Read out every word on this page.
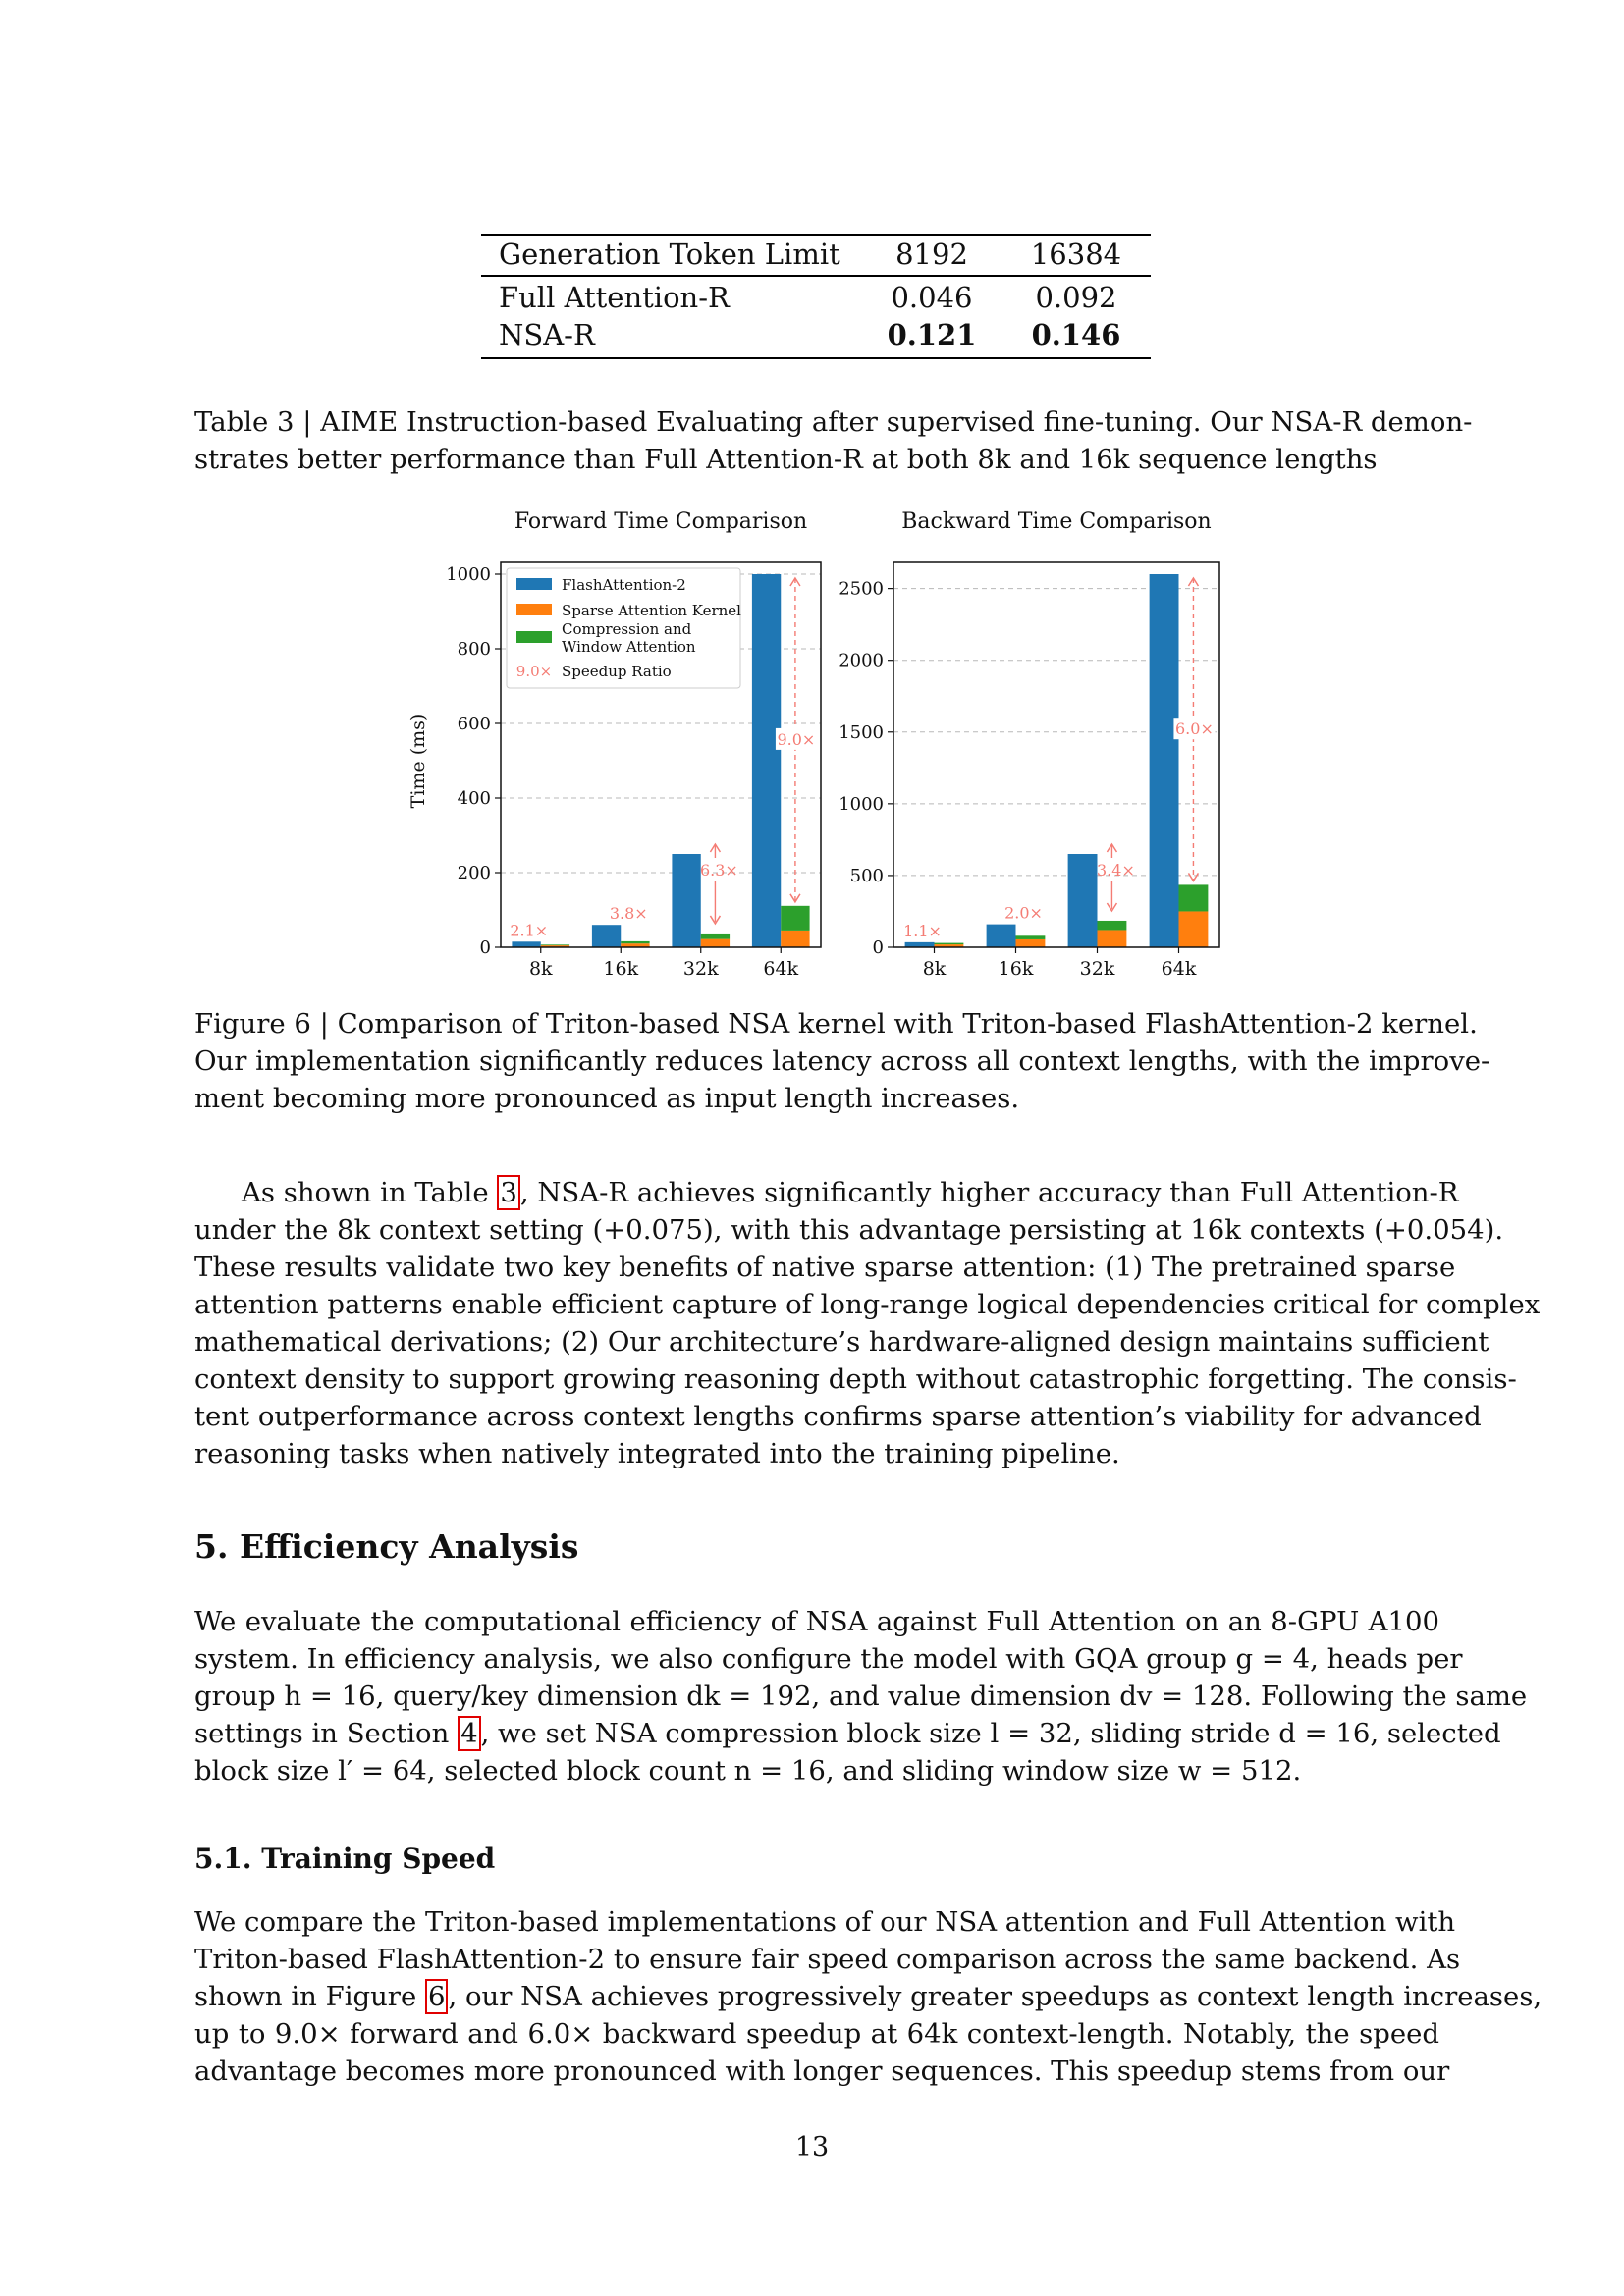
Generation Token Limit	8192	16384
Full Attention-R	0.046	0.092
NSA-R	0.121	0.146
Table 3 | AIME Instruction-based Evaluating after supervised fine-tuning. Our NSA-R demon-
strates better performance than Full Attention-R at both 8k and 16k sequence lengths
Forward Time Comparison
Time (ms)
0
200
400
600
800
1000
8k
2.1×
16k
3.8×
32k
6.3×
64k
9.0×
FlashAttention-2
Sparse Attention Kernel
Compression and
Window Attention
9.0× Speedup Ratio
Backward Time Comparison
0
500
1000
1500
2000
2500
8k
1.1×
16k
2.0×
32k
3.4×
64k
6.0×
Figure 6 | Comparison of Triton-based NSA kernel with Triton-based FlashAttention-2 kernel.
Our implementation significantly reduces latency across all context lengths, with the improve-
ment becoming more pronounced as input length increases.
As shown in Table 3 , NSA-R achieves significantly higher accuracy than Full Attention-R
under the 8k context setting (+0.075), with this advantage persisting at 16k contexts (+0.054).
These results validate two key benefits of native sparse attention: (1) The pretrained sparse
attention patterns enable efficient capture of long-range logical dependencies critical for complex
mathematical derivations; (2) Our architecture’s hardware-aligned design maintains sufficient
context density to support growing reasoning depth without catastrophic forgetting. The consis-
tent outperformance across context lengths confirms sparse attention’s viability for advanced
reasoning tasks when natively integrated into the training pipeline.
5. Efficiency Analysis
We evaluate the computational efficiency of NSA against Full Attention on an 8-GPU A100
system. In efficiency analysis, we also configure the model with GQA group g = 4, heads per
group h = 16, query/key dimension dk = 192, and value dimension dv = 128. Following the same
settings in Section 4 , we set NSA compression block size l = 32, sliding stride d = 16, selected
block size l′ = 64, selected block count n = 16, and sliding window size w = 512.
5.1. Training Speed
We compare the Triton-based implementations of our NSA attention and Full Attention with
Triton-based FlashAttention-2 to ensure fair speed comparison across the same backend. As
shown in Figure 6 , our NSA achieves progressively greater speedups as context length increases,
up to 9.0× forward and 6.0× backward speedup at 64k context-length. Notably, the speed
advantage becomes more pronounced with longer sequences. This speedup stems from our
13
